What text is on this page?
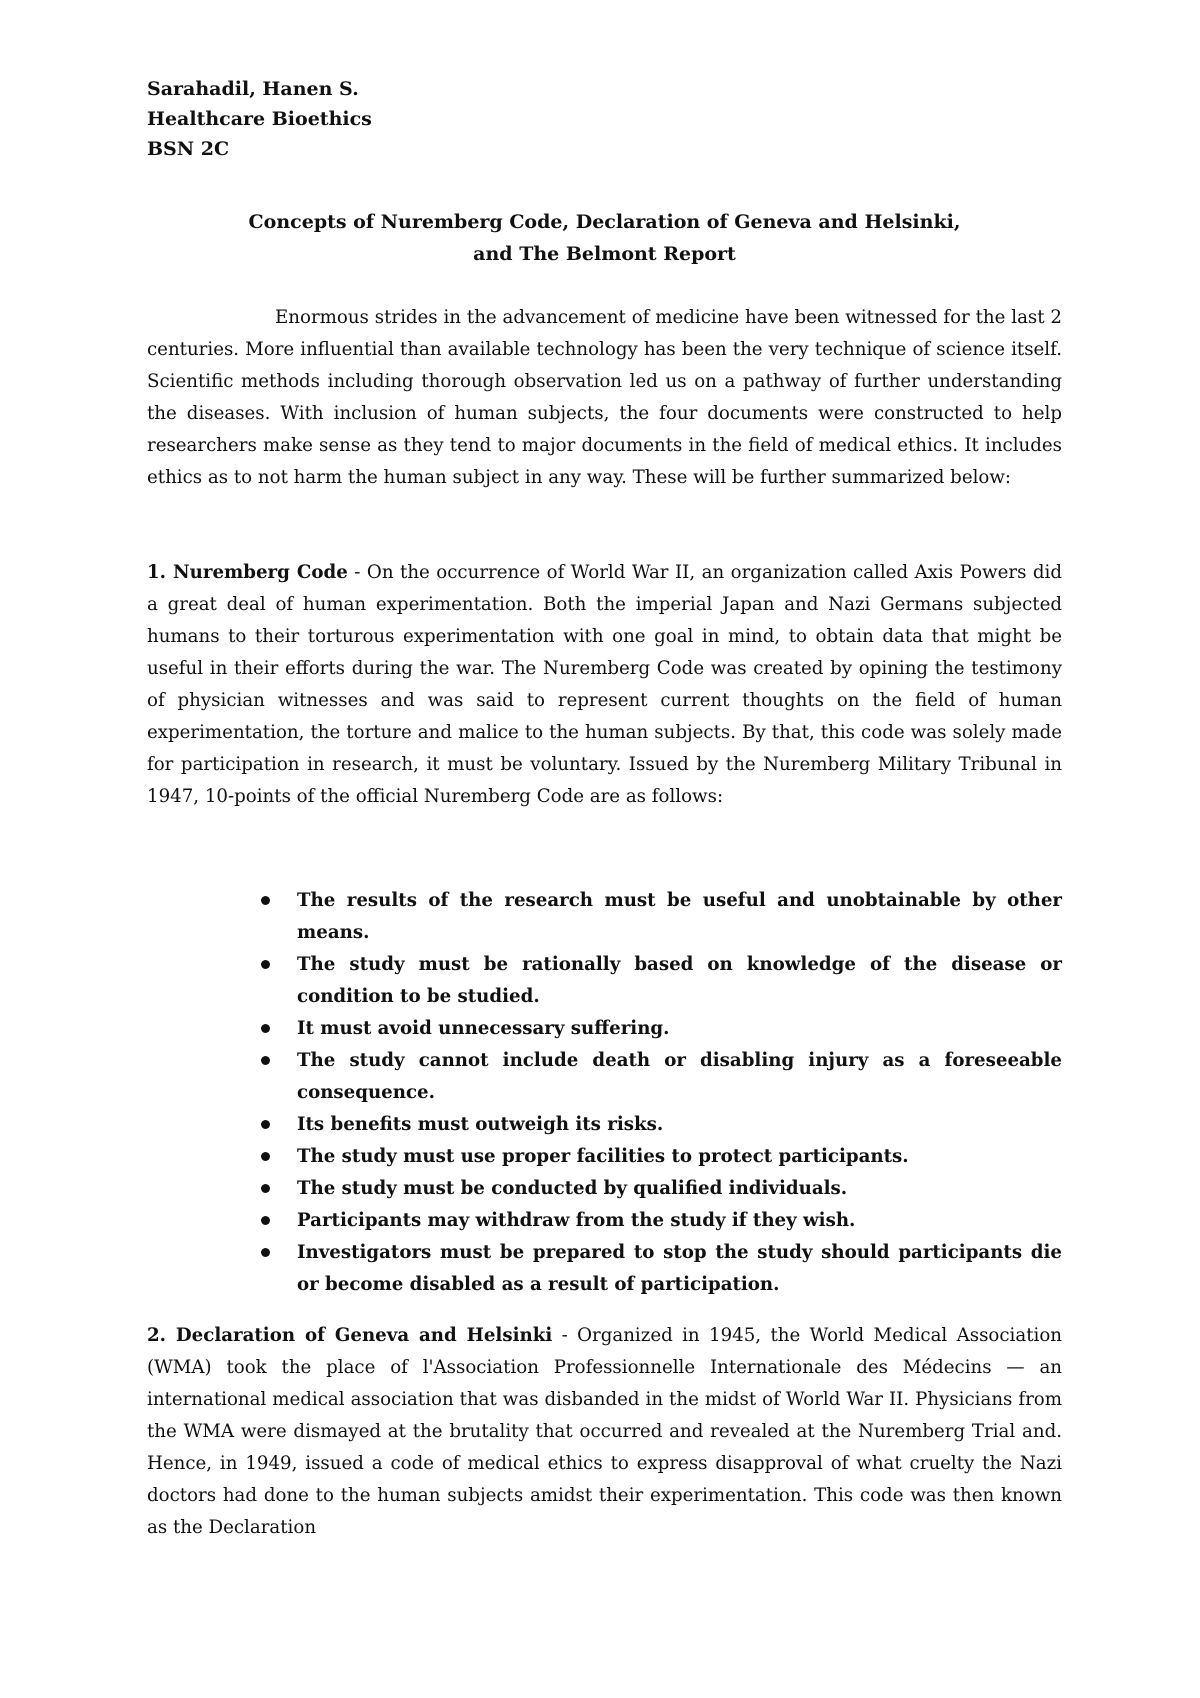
Sarahadil, Hanen S.
Healthcare Bioethics
BSN 2C
Concepts of Nuremberg Code, Declaration of Geneva and Helsinki,
and The Belmont Report

Enormous strides in the advancement of medicine have been witnessed for the last 2 centuries. More influential than available technology has been the very technique of science itself. Scientific methods including thorough observation led us on a pathway of further understanding the diseases. With inclusion of human subjects, the four documents were constructed to help researchers make sense as they tend to major documents in the field of medical ethics. It includes ethics as to not harm the human subject in any way. These will be further summarized below:

1. Nuremberg Code - On the occurrence of World War II, an organization called Axis Powers did a great deal of human experimentation. Both the imperial Japan and Nazi Germans subjected humans to their torturous experimentation with one goal in mind, to obtain data that might be useful in their efforts during the war. The Nuremberg Code was created by opining the testimony of physician witnesses and was said to represent current thoughts on the field of human experimentation, the torture and malice to the human subjects. By that, this code was solely made for participation in research, it must be voluntary. Issued by the Nuremberg Military Tribunal in 1947, 10-points of the official Nuremberg Code are as follows:

The results of the research must be useful and unobtainable by other means.
The study must be rationally based on knowledge of the disease or condition to be studied.
It must avoid unnecessary suffering.
The study cannot include death or disabling injury as a foreseeable consequence.
Its benefits must outweigh its risks.
The study must use proper facilities to protect participants.
The study must be conducted by qualified individuals.
Participants may withdraw from the study if they wish.
Investigators must be prepared to stop the study should participants die or become disabled as a result of participation.

2. Declaration of Geneva and Helsinki - Organized in 1945, the World Medical Association (WMA) took the place of l'Association Professionnelle Internationale des Médecins — an international medical association that was disbanded in the midst of World War II. Physicians from the WMA were dismayed at the brutality that occurred and revealed at the Nuremberg Trial and. Hence, in 1949, issued a code of medical ethics to express disapproval of what cruelty the Nazi doctors had done to the human subjects amidst their experimentation. This code was then known as the Declaration
